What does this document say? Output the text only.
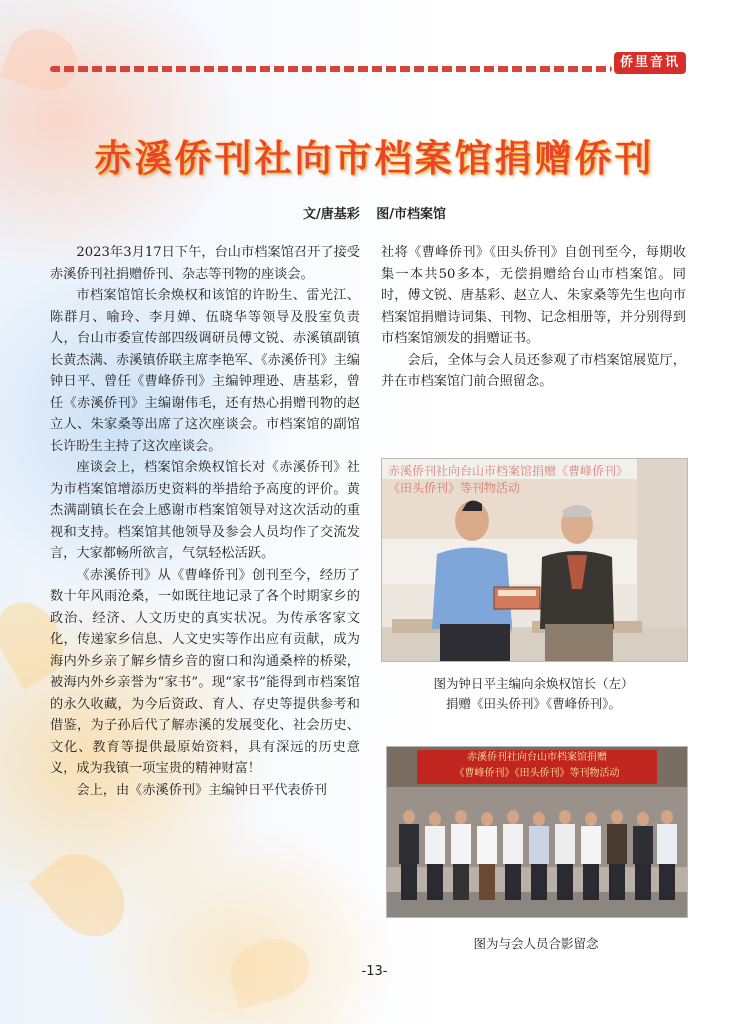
侨里音讯
赤溪侨刊社向市档案馆捐赠侨刊
文/唐基彩 图/市档案馆

2023年3月17日下午，台山市档案馆召开了接受赤溪侨刊社捐赠侨刊、杂志等刊物的座谈会。

市档案馆馆长余焕权和该馆的许盼生、雷光江、陈群月、喻玲、李月婵、伍晓华等领导及股室负责人，台山市委宣传部四级调研员傅文锐、赤溪镇副镇长黄杰满、赤溪镇侨联主席李艳军、《赤溪侨刊》主编钟日平、曾任《曹峰侨刊》主编钟理逊、唐基彩，曾任《赤溪侨刊》主编谢伟毛，还有热心捐赠刊物的赵立人、朱家桑等出席了这次座谈会。市档案馆的副馆长许盼生主持了这次座谈会。

座谈会上，档案馆余焕权馆长对《赤溪侨刊》社为市档案馆增添历史资料的举措给予高度的评价。黄杰满副镇长在会上感谢市档案馆领导对这次活动的重视和支持。档案馆其他领导及参会人员均作了交流发言，大家都畅所欲言，气氛轻松活跃。

《赤溪侨刊》从《曹峰侨刊》创刊至今，经历了数十年风雨沧桑，一如既往地记录了各个时期家乡的政治、经济、人文历史的真实状况。为传承客家文化，传递家乡信息、人文史实等作出应有贡献，成为海内外乡亲了解乡情乡音的窗口和沟通桑梓的桥梁，被海内外乡亲誉为“家书”。现“家书”能得到市档案馆的永久收藏，为今后资政、育人、存史等提供参考和借鉴，为子孙后代了解赤溪的发展变化、社会历史、文化、教育等提供最原始资料，具有深远的历史意义，成为我镇一项宝贵的精神财富！

会上，由《赤溪侨刊》主编钟日平代表侨刊

社将《曹峰侨刊》《田头侨刊》自创刊至今，每期收集一本共50多本，无偿捐赠给台山市档案馆。同时，傅文锐、唐基彩、赵立人、朱家桑等先生也向市档案馆捐赠诗词集、刊物、记念相册等，并分别得到市档案馆颁发的捐赠证书。

会后，全体与会人员还参观了市档案馆展览厅，并在市档案馆门前合照留念。

赤溪侨刊社向台山市档案馆捐赠《曹峰侨刊》《田头侨刊》等刊物活动
图为钟日平主编向余焕权馆长（左）
捐赠《田头侨刊》《曹峰侨刊》。
赤溪侨刊社向台山市档案馆捐赠
《曹峰侨刊》《田头侨刊》等刊物活动
图为与会人员合影留念
-13-
